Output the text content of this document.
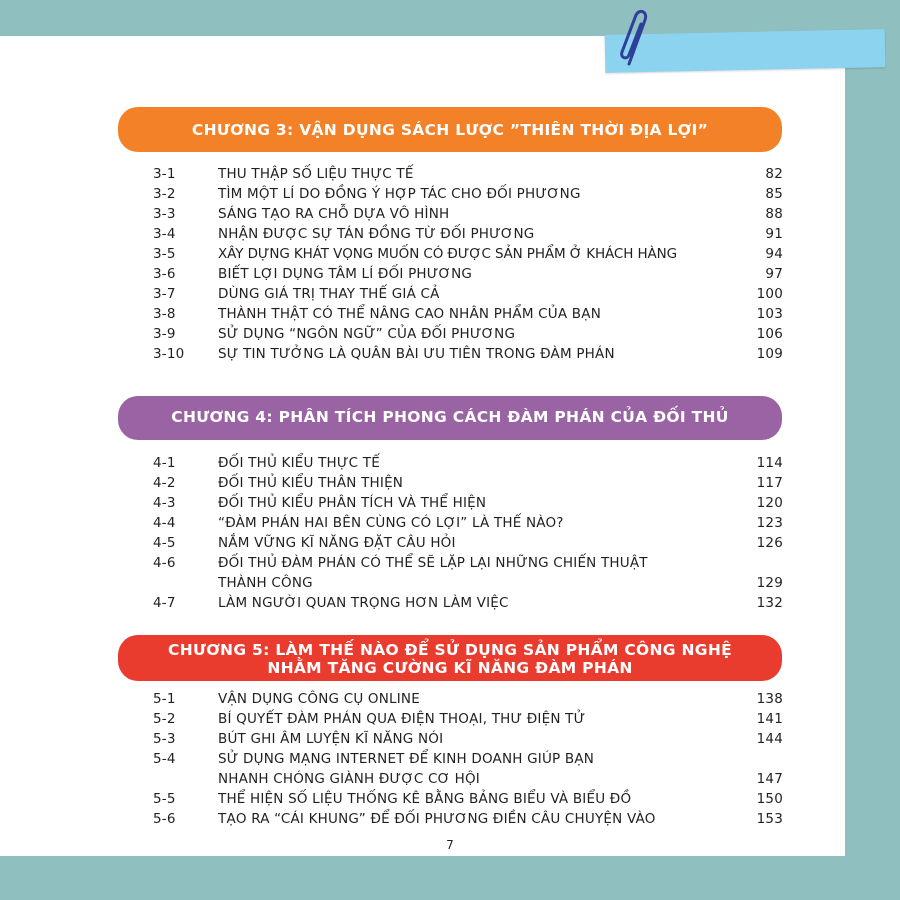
CHƯƠNG 3: VẬN DỤNG SÁCH LƯỢC ”THIÊN THỜI ĐỊA LỢI”
3-1	THU THẬP SỐ LIỆU THỰC TẾ	82
3-2	TÌM MỘT LÍ DO ĐỒNG Ý HỢP TÁC CHO ĐỐI PHƯƠNG	85
3-3	SÁNG TẠO RA CHỖ DỰA VÔ HÌNH	88
3-4	NHẬN ĐƯỢC SỰ TÁN ĐỒNG TỪ ĐỐI PHƯƠNG	91
3-5	XÂY DỰNG KHÁT VỌNG MUỐN CÓ ĐƯỢC SẢN PHẨM Ở KHÁCH HÀNG	94
3-6	BIẾT LỢI DỤNG TÂM LÍ ĐỐI PHƯƠNG	97
3-7	DÙNG GIÁ TRỊ THAY THẾ GIÁ CẢ	100
3-8	THÀNH THẬT CÓ THỂ NÂNG CAO NHÂN PHẨM CỦA BẠN	103
3-9	SỬ DỤNG “NGÔN NGỮ” CỦA ĐỐI PHƯƠNG	106
3-10 SỰ TIN TƯỞNG LÀ QUÂN BÀI ƯU TIÊN TRONG ĐÀM PHÁN	109
CHƯƠNG 4: PHÂN TÍCH PHONG CÁCH ĐÀM PHÁN CỦA ĐỐI THỦ
4-1	ĐỐI THỦ KIỂU THỰC TẾ	114
4-2	ĐỐI THỦ KIỂU THÂN THIỆN	117
4-3	ĐỐI THỦ KIỂU PHÂN TÍCH VÀ THỂ HIỆN	120
4-4	“ĐÀM PHÁN HAI BÊN CÙNG CÓ LỢI” LÀ THẾ NÀO?	123
4-5	NẮM VỮNG KĨ NĂNG ĐẶT CÂU HỎI	126
4-6	ĐỐI THỦ ĐÀM PHÁN CÓ THỂ SẼ LẶP LẠI NHỮNG CHIẾN THUẬT
THÀNH CÔNG	129
4-7	LÀM NGƯỜI QUAN TRỌNG HƠN LÀM VIỆC	132
CHƯƠNG 5: LÀM THẾ NÀO ĐỂ SỬ DỤNG SẢN PHẨM CÔNG NGHỆ
NHẰM TĂNG CƯỜNG KĨ NĂNG ĐÀM PHÁN
5-1	VẬN DỤNG CÔNG CỤ ONLINE	138
5-2	BÍ QUYẾT ĐÀM PHÁN QUA ĐIỆN THOẠI, THƯ ĐIỆN TỬ	141
5-3	BÚT GHI ÂM LUYỆN KĨ NĂNG NÓI	144
5-4	SỬ DỤNG MẠNG INTERNET ĐỂ KINH DOANH GIÚP BẠN
NHANH CHÓNG GIÀNH ĐƯỢC CƠ HỘI	147
5-5	THỂ HIỆN SỐ LIỆU THỐNG KÊ BẰNG BẢNG BIỂU VÀ BIỂU ĐỒ	150
5-6	TẠO RA “CÁI KHUNG” ĐỂ ĐỐI PHƯƠNG ĐIỀN CÂU CHUYỆN VÀO	153
7
